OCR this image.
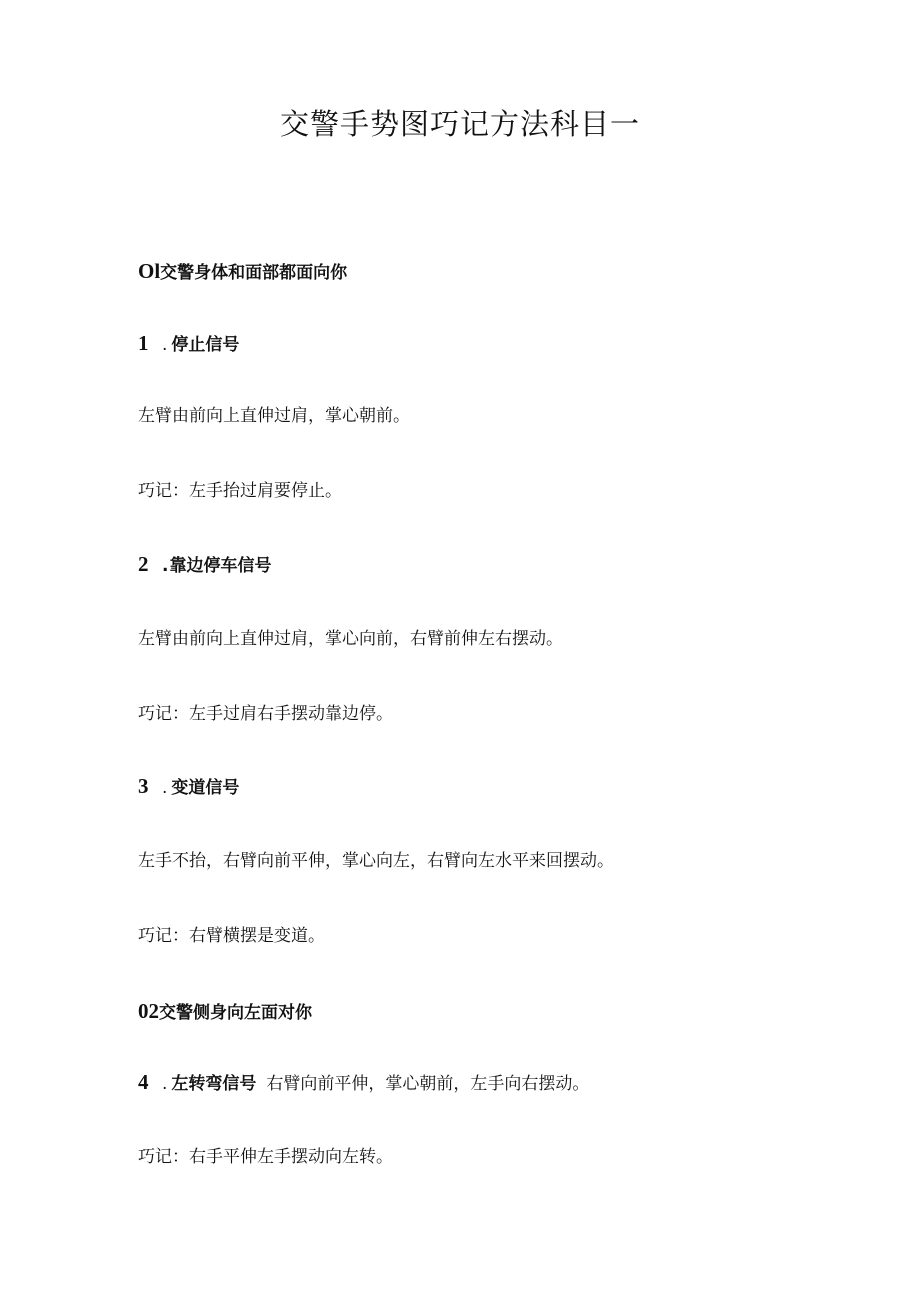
交警手势图巧记方法科目一
Ol交警身体和面部都面向你
1 . 停止信号
左臂由前向上直伸过肩，掌心朝前。
巧记：左手抬过肩要停止。
2 .靠边停车信号
左臂由前向上直伸过肩，掌心向前，右臂前伸左右摆动。
巧记：左手过肩右手摆动靠边停。
3 . 变道信号
左手不抬，右臂向前平伸，掌心向左，右臂向左水平来回摆动。
巧记：右臂横摆是变道。
02交警侧身向左面对你
4 . 左转弯信号 右臂向前平伸，掌心朝前，左手向右摆动。
巧记：右手平伸左手摆动向左转。
